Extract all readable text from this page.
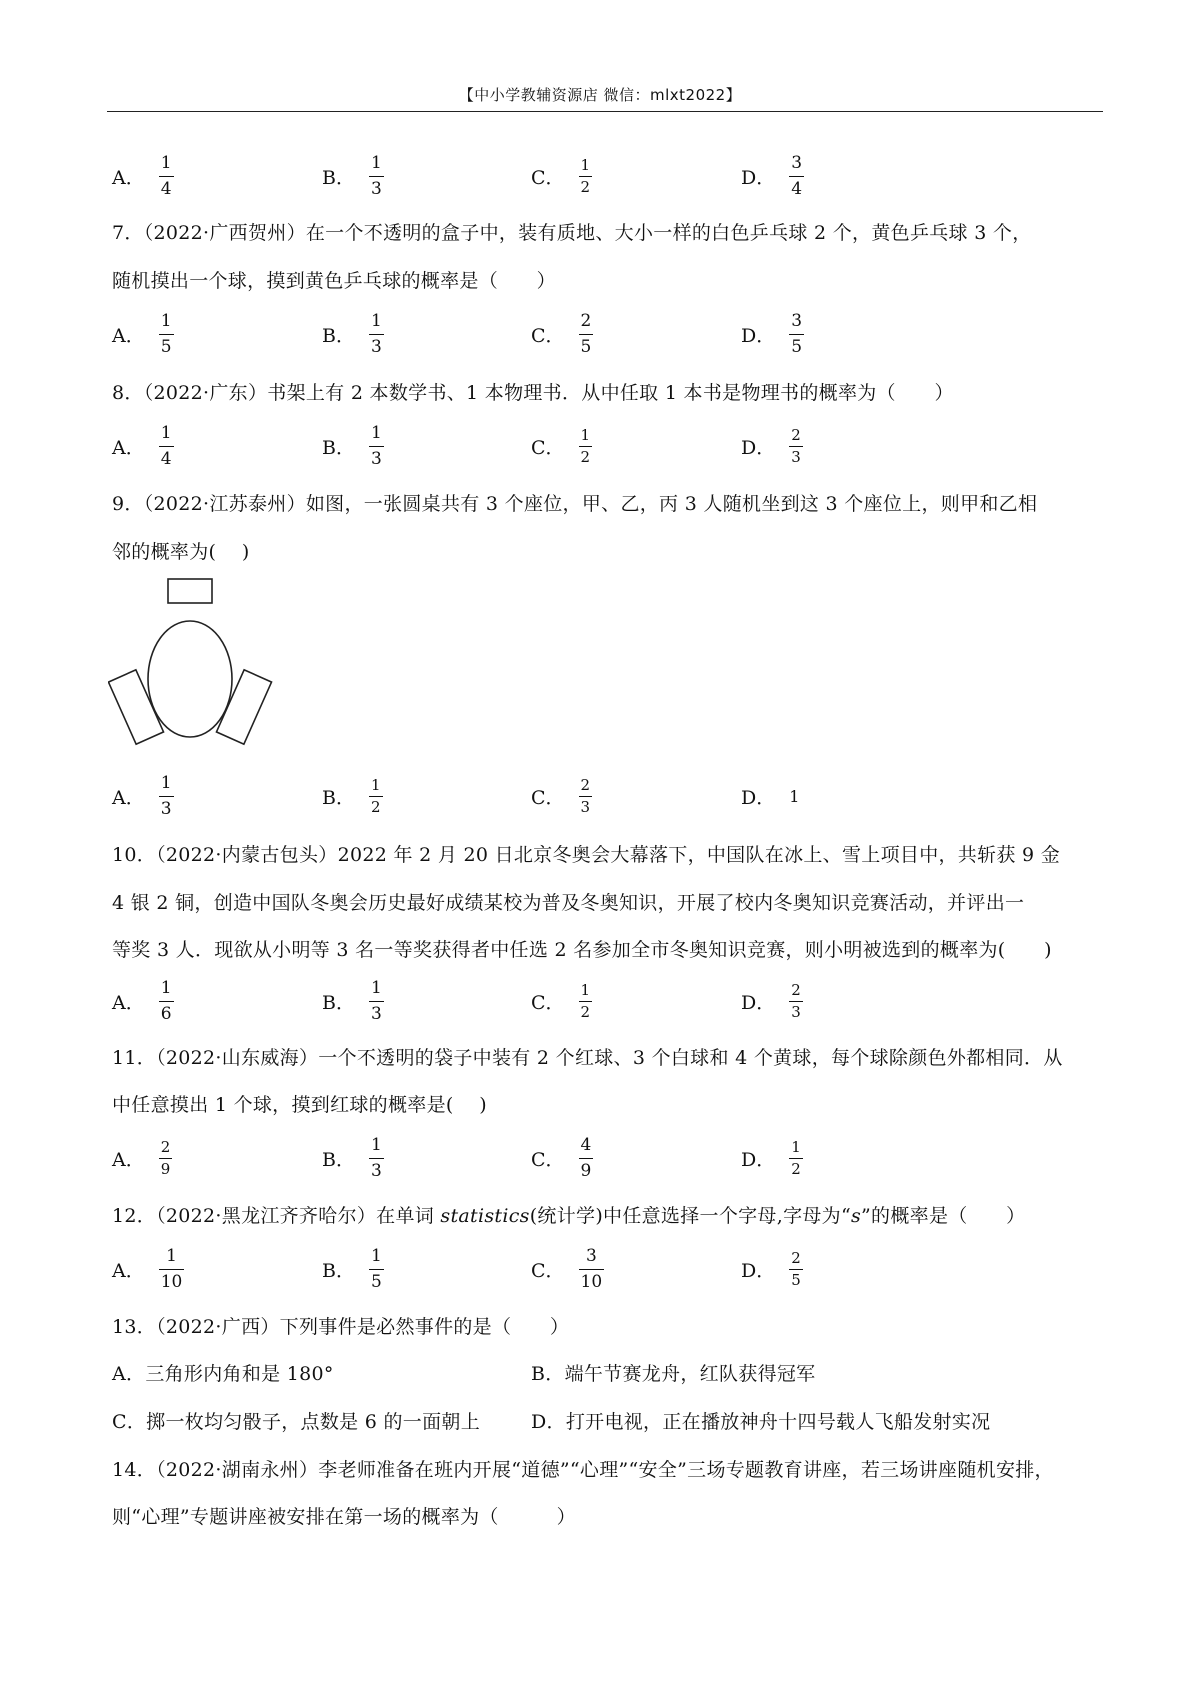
【中小学教辅资源店 微信：mlxt2022】
A． $\frac{1}{4}$	B． $\frac{1}{3}$	C． $\frac{1}{2}$	D． $\frac{3}{4}$
7．（2022·广西贺州）在一个不透明的盒子中，装有质地、大小一样的白色乒乓球 2 个，黄色乒乓球 3 个，
随机摸出一个球，摸到黄色乒乓球的概率是（　　）
A． $\frac{1}{5}$	B． $\frac{1}{3}$	C． $\frac{2}{5}$	D． $\frac{3}{5}$
8．（2022·广东）书架上有 2 本数学书、1 本物理书．从中任取 1 本书是物理书的概率为（　　）
A． $\frac{1}{4}$	B． $\frac{1}{3}$	C． $\frac{1}{2}$	D． $\frac{2}{3}$
9．（2022·江苏泰州）如图，一张圆桌共有 3 个座位，甲、乙，丙 3 人随机坐到这 3 个座位上，则甲和乙相
邻的概率为(　 )
A． $\frac{1}{3}$	B． $\frac{1}{2}$	C． $\frac{2}{3}$	D． 1
10．（2022·内蒙古包头）2022 年 2 月 20 日北京冬奥会大幕落下，中国队在冰上、雪上项目中，共斩获 9 金
4 银 2 铜，创造中国队冬奥会历史最好成绩某校为普及冬奥知识，开展了校内冬奥知识竞赛活动，并评出一
等奖 3 人．现欲从小明等 3 名一等奖获得者中任选 2 名参加全市冬奥知识竞赛，则小明被选到的概率为(　　)
A． $\frac{1}{6}$	B． $\frac{1}{3}$	C． $\frac{1}{2}$	D． $\frac{2}{3}$
11．（2022·山东威海）一个不透明的袋子中装有 2 个红球、3 个白球和 4 个黄球，每个球除颜色外都相同．从
中任意摸出 1 个球，摸到红球的概率是(　 )
A． $\frac{2}{9}$	B． $\frac{1}{3}$	C． $\frac{4}{9}$	D． $\frac{1}{2}$
12．（2022·黑龙江齐齐哈尔）在单词 statistics(统计学)中任意选择一个字母,字母为“s”的概率是（　　）
A． $\frac{1}{10}$	B． $\frac{1}{5}$	C． $\frac{3}{10}$	D． $\frac{2}{5}$
13．（2022·广西）下列事件是必然事件的是（　　）
A．三角形内角和是 180°	B．端午节赛龙舟，红队获得冠军
C．掷一枚均匀骰子，点数是 6 的一面朝上	D．打开电视，正在播放神舟十四号载人飞船发射实况
14．（2022·湖南永州）李老师准备在班内开展“道德”“心理”“安全”三场专题教育讲座，若三场讲座随机安排，
则“心理”专题讲座被安排在第一场的概率为（　　　）
